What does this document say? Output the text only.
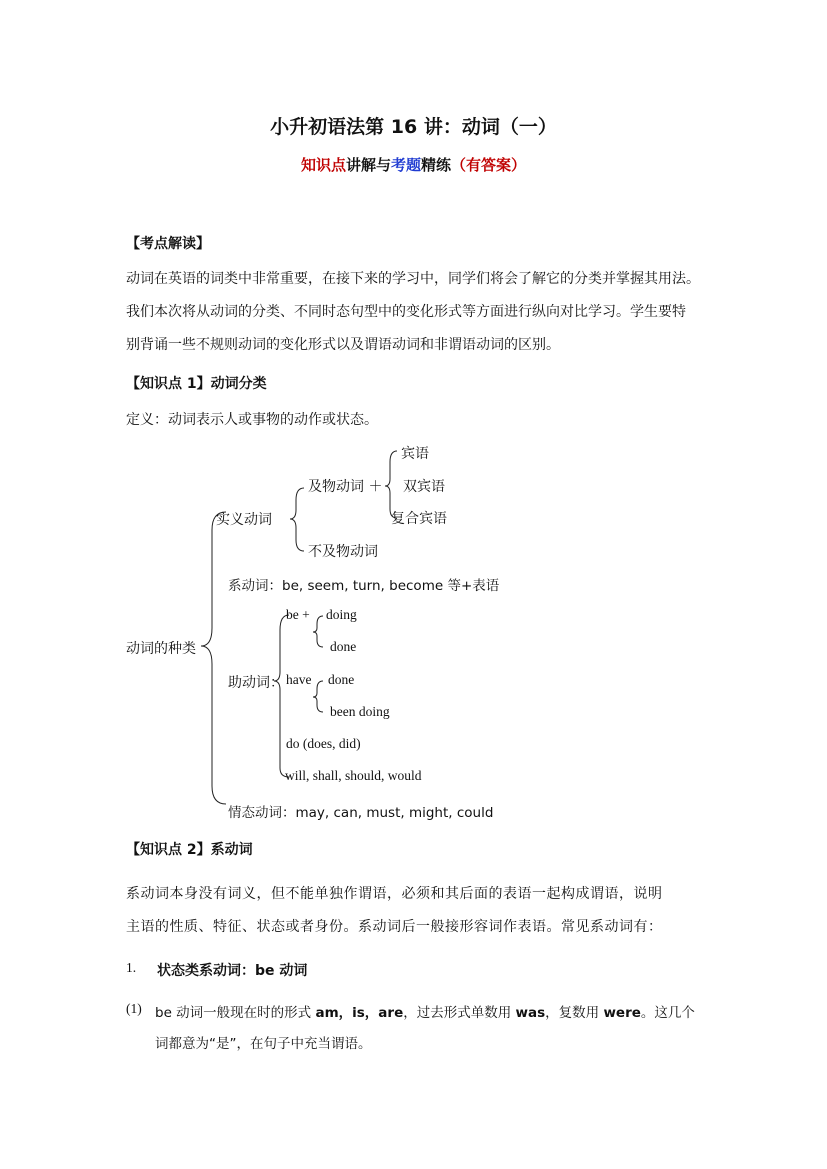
小升初语法第 16 讲：动词（一）
知识点讲解与考题精练（有答案）
【考点解读】
动词在英语的词类中非常重要，在接下来的学习中，同学们将会了解它的分类并掌握其用法。
我们本次将从动词的分类、不同时态句型中的变化形式等方面进行纵向对比学习。学生要特
别背诵一些不规则动词的变化形式以及谓语动词和非谓语动词的区别。
【知识点 1】动词分类
定义：动词表示人或事物的动作或状态。
动词的种类
实义动词
及物动词 ＋
宾语
双宾语
复合宾语
不及物动词
系动词：be, seem, turn, become 等+表语
助动词：
be + doing
done
have done
been doing
do (does, did)
will, shall, should, would
情态动词：may, can, must, might, could
【知识点 2】系动词
系动词本身没有词义，但不能单独作谓语，必须和其后面的表语一起构成谓语，说明
主语的性质、特征、状态或者身份。系动词后一般接形容词作表语。常见系动词有：
1. 状态类系动词：be 动词
(1) be 动词一般现在时的形式 am，is，are，过去形式单数用 was，复数用 were。这几个
词都意为“是”，在句子中充当谓语。
